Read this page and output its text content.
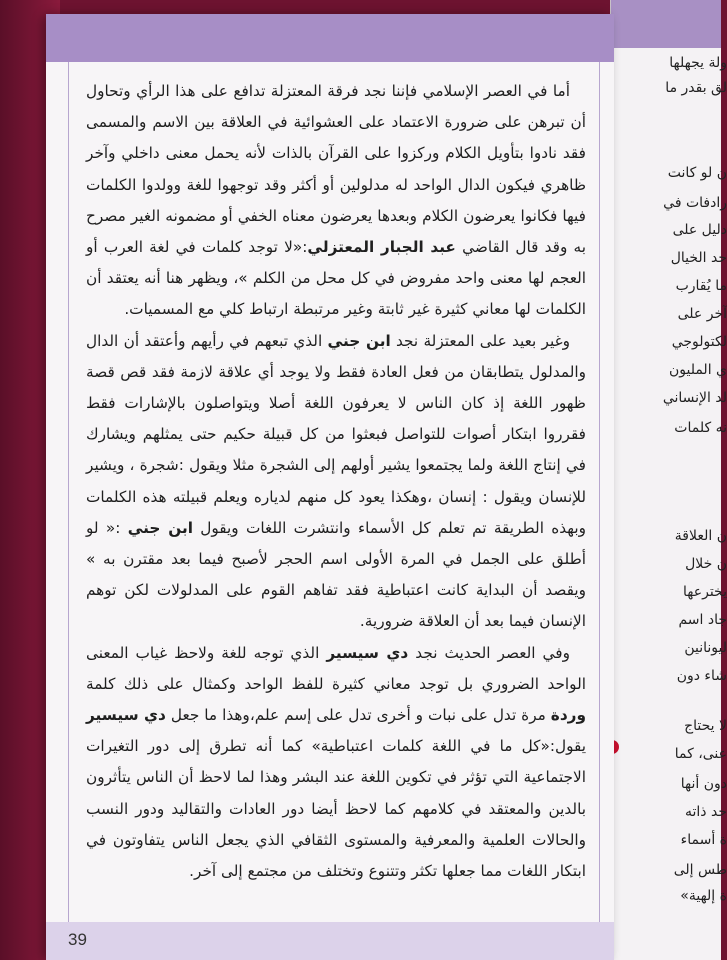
ولة يجهلها
لق بقدر ما
ن لو كانت
رادفات في
دليل على
حد الخيال
ما يُقارب
آخر على
لكتولوجي
ي المليون
لد الإنساني
نه كلمات
ن العلاقة
ن خلال
يخترعها
جاد اسم
ليونانين
شاء دون
لا يحتاج
عنى، كما
دون أنها
حد ذاته
ة أسماء
طس إلى
ة إلهية»

أما في العصر الإسلامي فإننا نجد فرقة المعتزلة تدافع على هذا الرأي وتحاول أن تبرهن على ضرورة الاعتماد على العشوائية في العلاقة بين الاسم والمسمى فقد نادوا بتأويل الكلام وركزوا على القرآن بالذات لأنه يحمل معنى داخلي وآخر ظاهري فيكون الدال الواحد له مدلولين أو أكثر وقد توجهوا للغة وولدوا الكلمات فيها فكانوا يعرضون الكلام وبعدها يعرضون معناه الخفي أو مضمونه الغير مصرح به وقد قال القاضي عبد الجبار المعتزلي:«لا توجد كلمات في لغة العرب أو العجم لها معنى واحد مفروض في كل محل من الكلم »، ويظهر هنا أنه يعتقد أن الكلمات لها معاني كثيرة غير ثابتة وغير مرتبطة ارتباط كلي مع المسميات.

وغير بعيد على المعتزلة نجد ابن جني الذي تبعهم في رأيهم وأعتقد أن الدال والمدلول يتطابقان من فعل العادة فقط ولا يوجد أي علاقة لازمة فقد قص قصة ظهور اللغة إذ كان الناس لا يعرفون اللغة أصلا ويتواصلون بالإشارات فقط فقرروا ابتكار أصوات للتواصل فبعثوا من كل قبيلة حكيم حتى يمثلهم ويشارك في إنتاج اللغة ولما يجتمعوا يشير أولهم إلى الشجرة مثلا ويقول :شجرة ، ويشير للإنسان ويقول : إنسان ،وهكذا يعود كل منهم لدياره ويعلم قبيلته هذه الكلمات وبهذه الطريقة تم تعلم كل الأسماء وانتشرت اللغات ويقول ابن جني :« لو أطلق على الجمل في المرة الأولى اسم الحجر لأصبح فيما بعد مقترن به » ويقصد أن البداية كانت اعتباطية فقد تفاهم القوم على المدلولات لكن توهم الإنسان فيما بعد أن العلاقة ضرورية.

وفي العصر الحديث نجد دي سيسير الذي توجه للغة ولاحظ غياب المعنى الواحد الضروري بل توجد معاني كثيرة للفظ الواحد وكمثال على ذلك كلمة وردة مرة تدل على نبات و أخرى تدل على إسم علم،وهذا ما جعل دي سيسير يقول:«كل ما في اللغة كلمات اعتباطية» كما أنه تطرق إلى دور التغيرات الاجتماعية التي تؤثر في تكوين اللغة عند البشر وهذا لما لاحظ أن الناس يتأثرون بالدين والمعتقد في كلامهم كما لاحظ أيضا دور العادات والتقاليد ودور النسب والحالات العلمية والمعرفية والمستوى الثقافي الذي يجعل الناس يتفاوتون في ابتكار اللغات مما جعلها تكثر وتتنوع وتختلف من مجتمع إلى آخر.

39
